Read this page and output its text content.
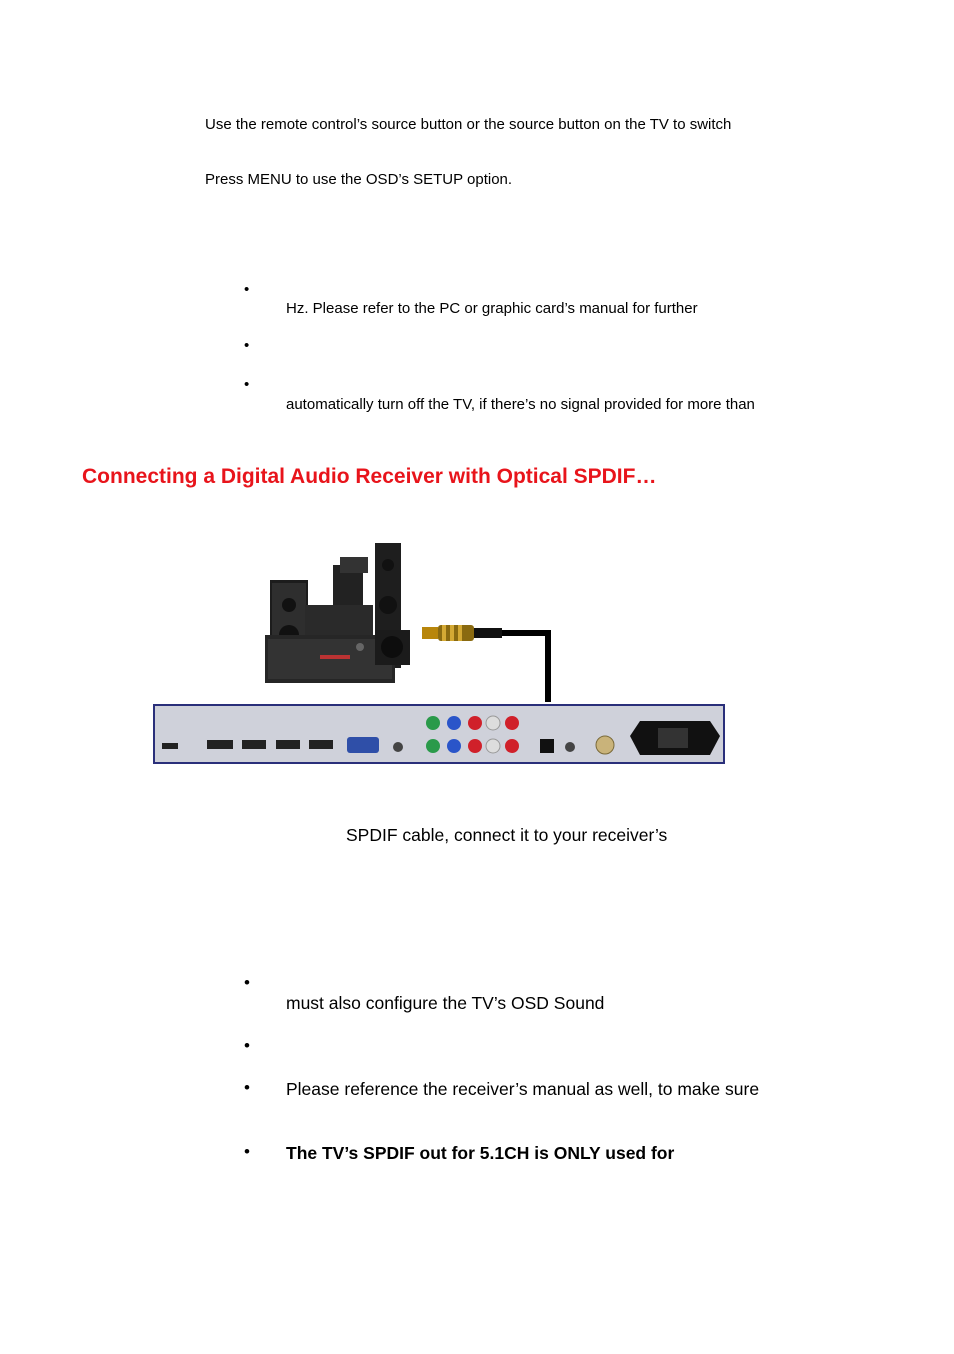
Use the remote control’s source button or the source button on the TV to switch
Press MENU to use the OSD’s SETUP option.
•
Hz. Please refer to the PC or graphic card’s manual for further
•
•
automatically turn off the TV, if there’s no signal provided for more than
Connecting a Digital Audio Receiver with Optical SPDIF…
SPDIF cable, connect it to your receiver’s
•
must also configure the TV’s OSD Sound
•
• Please reference the receiver’s manual as well, to make sure
• The TV’s SPDIF out for 5.1CH is ONLY used for
